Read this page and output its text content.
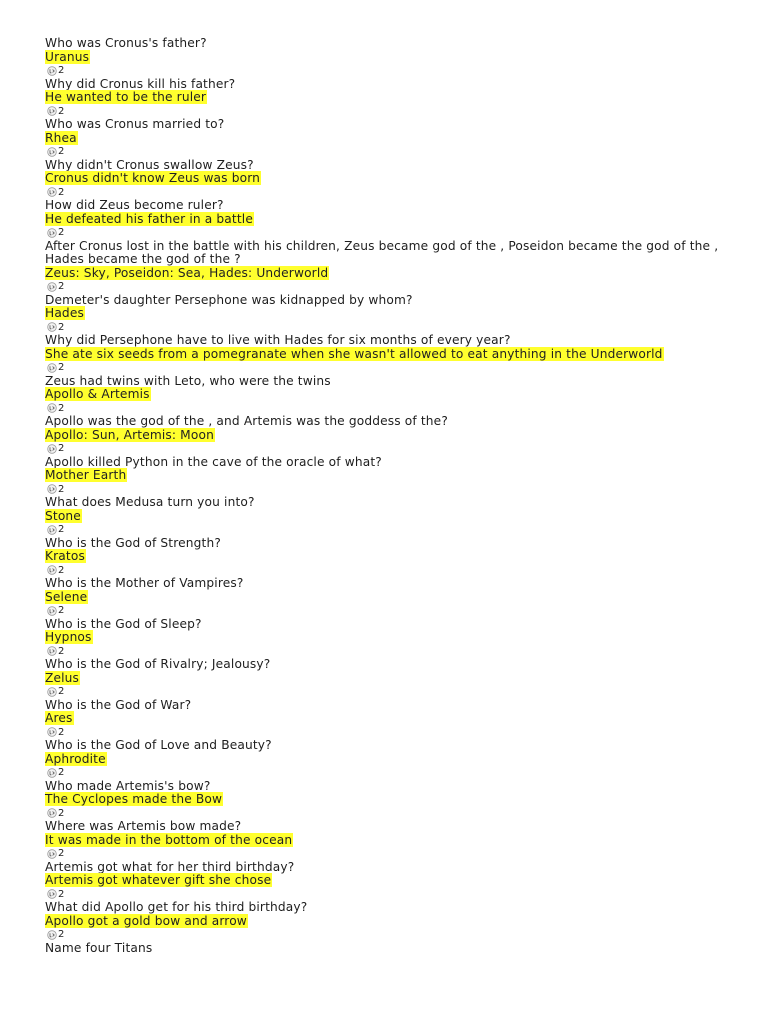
Who was Cronus's father?
Uranus
2
Why did Cronus kill his father?
He wanted to be the ruler
2
Who was Cronus married to?
Rhea
2
Why didn't Cronus swallow Zeus?
Cronus didn't know Zeus was born
2
How did Zeus become ruler?
He defeated his father in a battle
2
After Cronus lost in the battle with his children, Zeus became god of the , Poseidon became the god of the , Hades became the god of the ?
Zeus: Sky, Poseidon: Sea, Hades: Underworld
2
Demeter's daughter Persephone was kidnapped by whom?
Hades
2
Why did Persephone have to live with Hades for six months of every year?
She ate six seeds from a pomegranate when she wasn't allowed to eat anything in the Underworld
2
Zeus had twins with Leto, who were the twins
Apollo & Artemis
2
Apollo was the god of the , and Artemis was the goddess of the?
Apollo: Sun, Artemis: Moon
2
Apollo killed Python in the cave of the oracle of what?
Mother Earth
2
What does Medusa turn you into?
Stone
2
Who is the God of Strength?
Kratos
2
Who is the Mother of Vampires?
Selene
2
Who is the God of Sleep?
Hypnos
2
Who is the God of Rivalry; Jealousy?
Zelus
2
Who is the God of War?
Ares
2
Who is the God of Love and Beauty?
Aphrodite
2
Who made Artemis's bow?
The Cyclopes made the Bow
2
Where was Artemis bow made?
It was made in the bottom of the ocean
2
Artemis got what for her third birthday?
Artemis got whatever gift she chose
2
What did Apollo get for his third birthday?
Apollo got a gold bow and arrow
2
Name four Titans
